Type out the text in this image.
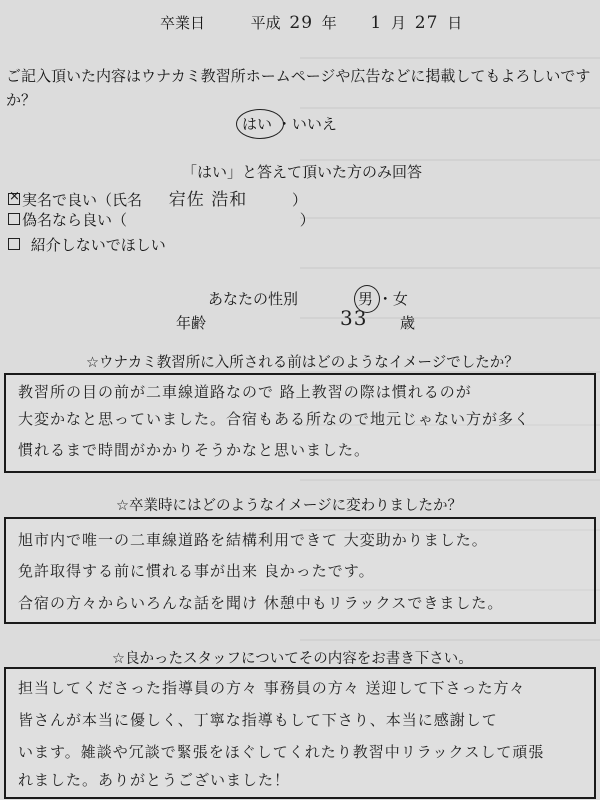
卒業日	平成 29 年 1 月 27 日
ご記入頂いた内容はウナカミ教習所ホームページや広告などに掲載してもよろしいですか？
はい ・いいえ
「はい」と答えて頂いた方のみ回答
×実名で良い（氏名 宕佐 浩和	）
偽名なら良い（	）
紹介しないでほしい
あなたの性別	男 ・女
年齢	33 歳
☆ウナカミ教習所に入所される前はどのようなイメージでしたか？
教習所の目の前が二車線道路なので 路上教習の際は慣れるのが
大変かなと思っていました。合宿もある所なので地元じゃない方が多く
慣れるまで時間がかかりそうかなと思いました。
☆卒業時にはどのようなイメージに変わりましたか？
旭市内で唯一の二車線道路を結構利用できて 大変助かりました。
免許取得する前に慣れる事が出来 良かったです。
合宿の方々からいろんな話を聞け 休憩中もリラックスできました。
☆良かったスタッフについてその内容をお書き下さい。
担当してくださった指導員の方々 事務員の方々 送迎して下さった方々
皆さんが本当に優しく、丁寧な指導もして下さり、本当に感謝して
います。雑談や冗談で緊張をほぐしてくれたり教習中リラックスして頑張
れました。ありがとうございました！
